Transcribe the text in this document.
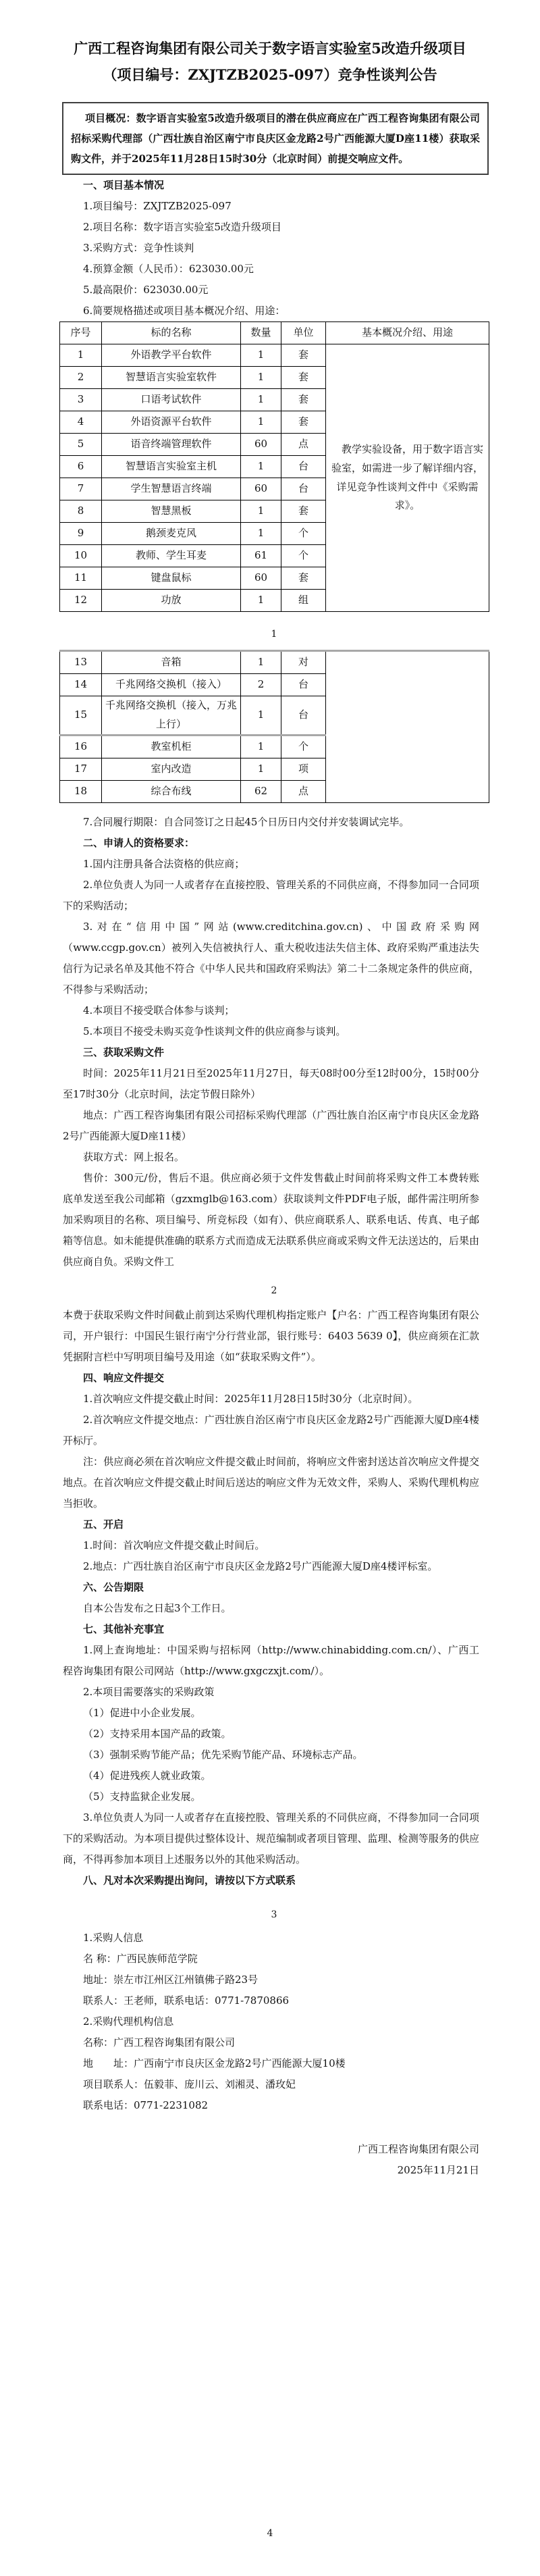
广西工程咨询集团有限公司关于数字语言实验室5改造升级项目
（项目编号：ZXJTZB2025-097）竞争性谈判公告
项目概况：数字语言实验室5改造升级项目的潜在供应商应在广西工程咨询集团有限公司招标采购代理部（广西壮族自治区南宁市良庆区金龙路2号广西能源大厦D座11楼）获取采购文件，并于2025年11月28日15时30分（北京时间）前提交响应文件。

一、项目基本情况

1.项目编号：ZXJTZB2025-097

2.项目名称：数字语言实验室5改造升级项目

3.采购方式：竞争性谈判

4.预算金额（人民币）：623030.00元

5.最高限价：623030.00元

6.简要规格描述或项目基本概况介绍、用途：

序号	标的名称	数量	单位	基本概况介绍、用途
1	外语教学平台软件	1	套	教学实验设备，用于数字语言实验室，如需进一步了解详细内容，详见竞争性谈判文件中《采购需求》。
2	智慧语言实验室软件	1	套	
3	口语考试软件	1	套	
4	外语资源平台软件	1	套	
5	语音终端管理软件	60	点	
6	智慧语言实验室主机	1	台	
7	学生智慧语言终端	60	台	
8	智慧黑板	1	套	
9	鹅颈麦克风	1	个	
10	教师、学生耳麦	61	个	
11	键盘鼠标	60	套	
12	功放	1	组	
1
13	音箱	1	对	
14	千兆网络交换机（接入）	2	台	
15	千兆网络交换机（接入，万兆上行）	1	台	
16	教室机柜	1	个	
17	室内改造	1	项	
18	综合布线	62	点	

7.合同履行期限：自合同签订之日起45个日历日内交付并安装调试完毕。

二、申请人的资格要求：

1.国内注册具备合法资格的供应商；

2.单位负责人为同一人或者存在直接控股、管理关系的不同供应商，不得参加同一合同项下的采购活动；

3.对在“信用中国”网站(www.creditchina.gov.cn)、中国政府采购网（www.ccgp.gov.cn）被列入失信被执行人、重大税收违法失信主体、政府采购严重违法失信行为记录名单及其他不符合《中华人民共和国政府采购法》第二十二条规定条件的供应商，不得参与采购活动；

4.本项目不接受联合体参与谈判；

5.本项目不接受未购买竞争性谈判文件的供应商参与谈判。

三、获取采购文件

时间：2025年11月21日至2025年11月27日，每天08时00分至12时00分，15时00分至17时30分（北京时间，法定节假日除外）

地点：广西工程咨询集团有限公司招标采购代理部（广西壮族自治区南宁市良庆区金龙路2号广西能源大厦D座11楼）

获取方式：网上报名。

售价：300元/份，售后不退。供应商必须于文件发售截止时间前将采购文件工本费转账底单发送至我公司邮箱（gzxmglb@163.com）获取谈判文件PDF电子版，邮件需注明所参加采购项目的名称、项目编号、所竞标段（如有）、供应商联系人、联系电话、传真、电子邮箱等信息。如未能提供准确的联系方式而造成无法联系供应商或采购文件无法送达的，后果由供应商自负。采购文件工

2

本费于获取采购文件时间截止前到达采购代理机构指定账户【户名：广西工程咨询集团有限公司，开户银行：中国民生银行南宁分行营业部，银行账号：6403 5639 0】，供应商须在汇款凭据附言栏中写明项目编号及用途（如“获取采购文件”）。

四、响应文件提交

1.首次响应文件提交截止时间：2025年11月28日15时30分（北京时间）。

2.首次响应文件提交地点：广西壮族自治区南宁市良庆区金龙路2号广西能源大厦D座4楼开标厅。

注：供应商必须在首次响应文件提交截止时间前，将响应文件密封送达首次响应文件提交地点。在首次响应文件提交截止时间后送达的响应文件为无效文件，采购人、采购代理机构应当拒收。

五、开启

1.时间：首次响应文件提交截止时间后。

2.地点：广西壮族自治区南宁市良庆区金龙路2号广西能源大厦D座4楼评标室。

六、公告期限

自本公告发布之日起3个工作日。

七、其他补充事宜

1.网上查询地址：中国采购与招标网（http://www.chinabidding.com.cn/）、广西工程咨询集团有限公司网站（http://www.gxgczxjt.com/）。

2.本项目需要落实的采购政策

（1）促进中小企业发展。

（2）支持采用本国产品的政策。

（3）强制采购节能产品；优先采购节能产品、环境标志产品。

（4）促进残疾人就业政策。

（5）支持监狱企业发展。

3.单位负责人为同一人或者存在直接控股、管理关系的不同供应商，不得参加同一合同项下的采购活动。为本项目提供过整体设计、规范编制或者项目管理、监理、检测等服务的供应商，不得再参加本项目上述服务以外的其他采购活动。

八、凡对本次采购提出询问，请按以下方式联系

3

1.采购人信息

名 称：广西民族师范学院

地址：崇左市江州区江州镇佛子路23号

联系人：王老师，联系电话：0771-7870866

2.采购代理机构信息

名称：广西工程咨询集团有限公司

地　　址：广西南宁市良庆区金龙路2号广西能源大厦10楼

项目联系人：伍毅菲、庞川云、刘湘灵、潘玫妃

联系电话：0771-2231082

广西工程咨询集团有限公司
2025年11月21日
4
